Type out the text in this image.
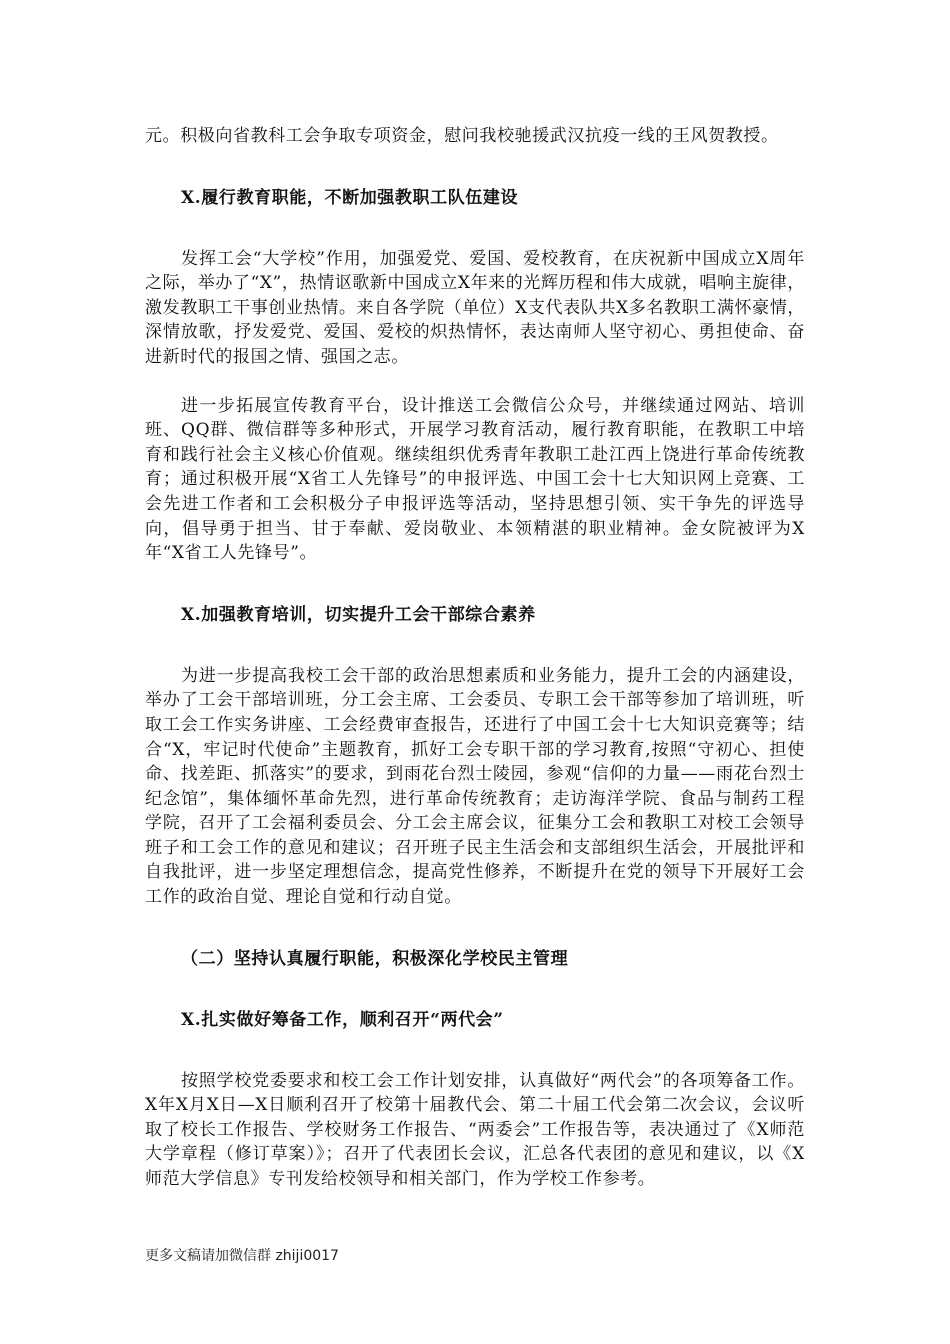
元。积极向省教科工会争取专项资金，慰问我校驰援武汉抗疫一线的王风贺教授。

X.履行教育职能，不断加强教职工队伍建设

发挥工会“大学校”作用，加强爱党、爱国、爱校教育，在庆祝新中国成立X周年之际，举办了“X”，热情讴歌新中国成立X年来的光辉历程和伟大成就，唱响主旋律，激发教职工干事创业热情。来自各学院（单位）X支代表队共X多名教职工满怀豪情，深情放歌，抒发爱党、爱国、爱校的炽热情怀，表达南师人坚守初心、勇担使命、奋进新时代的报国之情、强国之志。

进一步拓展宣传教育平台，设计推送工会微信公众号，并继续通过网站、培训班、QQ群、微信群等多种形式，开展学习教育活动，履行教育职能，在教职工中培育和践行社会主义核心价值观。继续组织优秀青年教职工赴江西上饶进行革命传统教育；通过积极开展“X省工人先锋号”的申报评选、中国工会十七大知识网上竞赛、工会先进工作者和工会积极分子申报评选等活动，坚持思想引领、实干争先的评选导向，倡导勇于担当、甘于奉献、爱岗敬业、本领精湛的职业精神。金女院被评为X年“X省工人先锋号”。

X.加强教育培训，切实提升工会干部综合素养

为进一步提高我校工会干部的政治思想素质和业务能力，提升工会的内涵建设，举办了工会干部培训班，分工会主席、工会委员、专职工会干部等参加了培训班，听取工会工作实务讲座、工会经费审查报告，还进行了中国工会十七大知识竞赛等；结合“X，牢记时代使命”主题教育，抓好工会专职干部的学习教育,按照“守初心、担使命、找差距、抓落实”的要求，到雨花台烈士陵园，参观“信仰的力量——雨花台烈士纪念馆”，集体缅怀革命先烈，进行革命传统教育；走访海洋学院、食品与制药工程学院，召开了工会福利委员会、分工会主席会议，征集分工会和教职工对校工会领导班子和工会工作的意见和建议；召开班子民主生活会和支部组织生活会，开展批评和自我批评，进一步坚定理想信念，提高党性修养，不断提升在党的领导下开展好工会工作的政治自觉、理论自觉和行动自觉。

（二）坚持认真履行职能，积极深化学校民主管理
X.扎实做好筹备工作，顺利召开“两代会”

按照学校党委要求和校工会工作计划安排，认真做好“两代会”的各项筹备工作。X年X月X日—X日顺利召开了校第十届教代会、第二十届工代会第二次会议，会议听取了校长工作报告、学校财务工作报告、“两委会”工作报告等，表决通过了《X师范大学章程（修订草案）》；召开了代表团长会议，汇总各代表团的意见和建议，以《X师范大学信息》专刊发给校领导和相关部门，作为学校工作参考。

更多文稿请加微信群 zhiji0017
